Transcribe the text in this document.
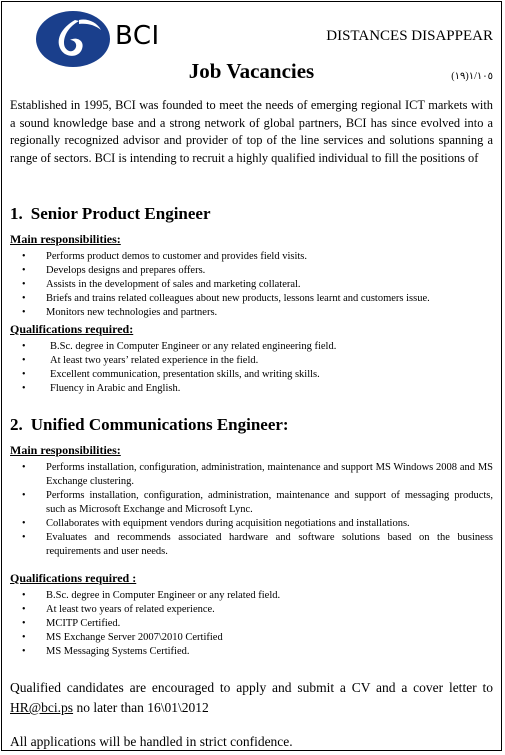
BCI	DISTANCES DISAPPEAR
Job Vacancies	(١٩)١/١٠٥
Established in 1995, BCI was founded to meet the needs of emerging regional ICT markets with a sound knowledge base and a strong network of global partners, BCI has since evolved into a regionally recognized advisor and provider of top of the line services and solutions spanning a range of sectors. BCI is intending to recruit a highly qualified individual to fill the positions of
1. Senior Product Engineer
Main responsibilities:
• Performs product demos to customer and provides field visits.
• Develops designs and prepares offers.
• Assists in the development of sales and marketing collateral.
• Briefs and trains related colleagues about new products, lessons learnt and customers issue.
• Monitors new technologies and partners.
Qualifications required:
• B.Sc. degree in Computer Engineer or any related engineering field.
• At least two years’ related experience in the field.
• Excellent communication, presentation skills, and writing skills.
• Fluency in Arabic and English.
2. Unified Communications Engineer:
Main responsibilities:
• Performs installation, configuration, administration, maintenance and support MS Windows 2008 and MS Exchange clustering.
• Performs installation, configuration, administration, maintenance and support of messaging products, such as Microsoft Exchange and Microsoft Lync.
• Collaborates with equipment vendors during acquisition negotiations and installations.
• Evaluates and recommends associated hardware and software solutions based on the business requirements and user needs.
Qualifications required :
• B.Sc. degree in Computer Engineer or any related field.
• At least two years of related experience.
• MCITP Certified.
• MS Exchange Server 2007\2010 Certified
• MS Messaging Systems Certified.
Qualified candidates are encouraged to apply and submit a CV and a cover letter to HR@bci.ps no later than 16\01\2012
All applications will be handled in strict confidence.
